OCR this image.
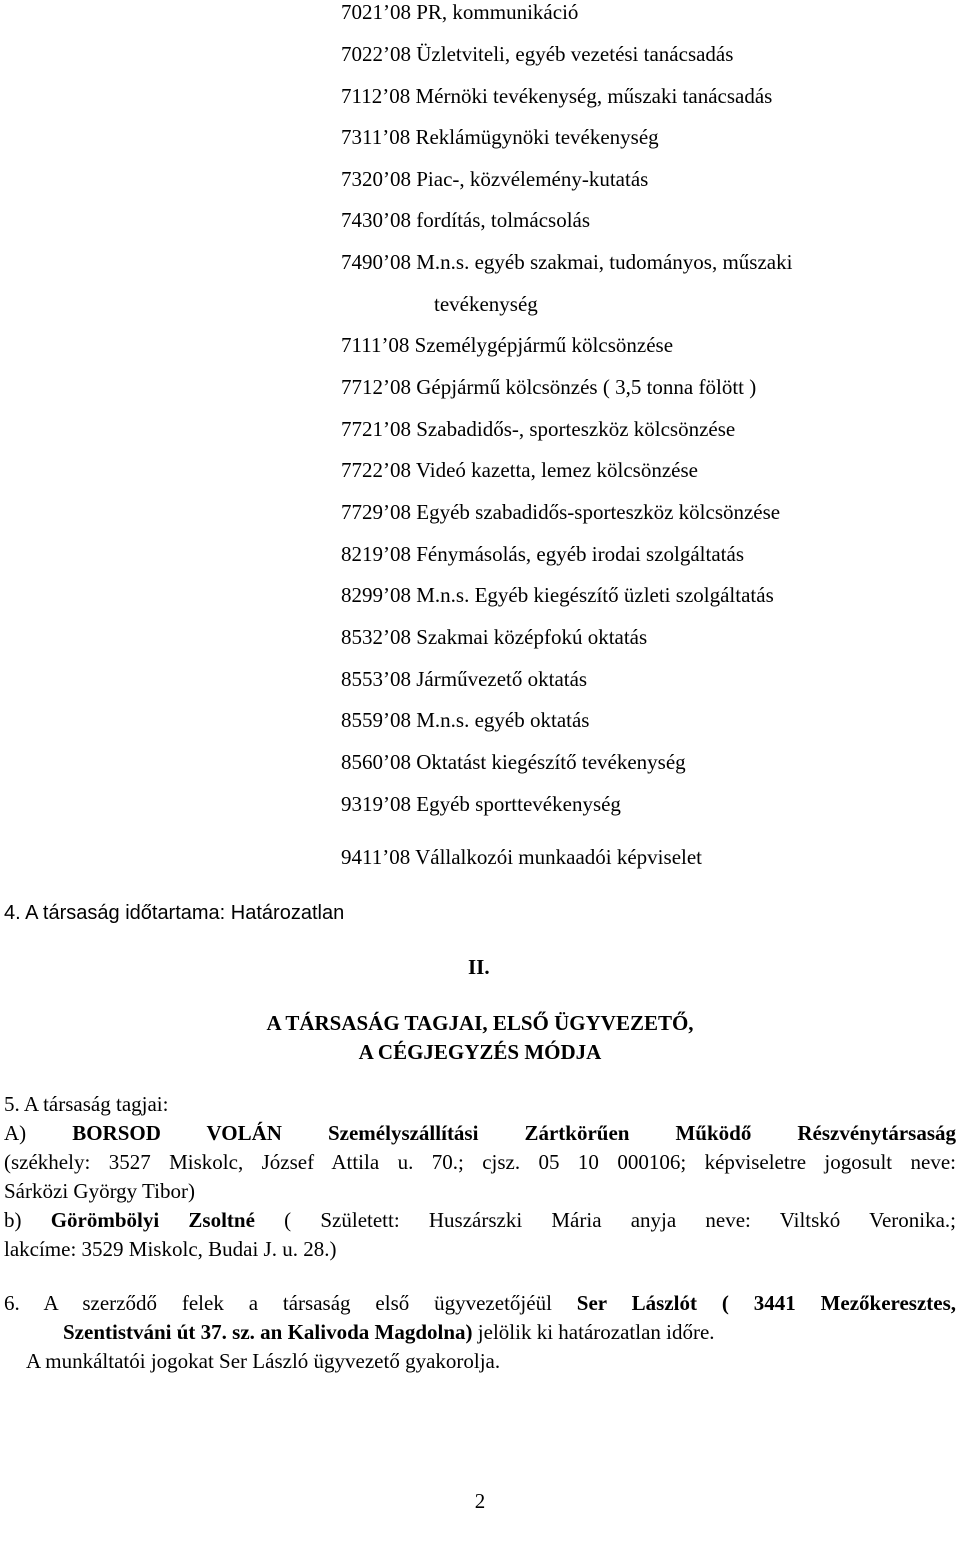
7021’08 PR, kommunikáció
7022’08 Üzletviteli, egyéb vezetési tanácsadás
7112’08 Mérnöki tevékenység, műszaki tanácsadás
7311’08 Reklámügynöki tevékenység
7320’08 Piac-, közvélemény-kutatás
7430’08 fordítás, tolmácsolás
7490’08 M.n.s. egyéb szakmai, tudományos, műszaki
tevékenység
7111’08 Személygépjármű kölcsönzése
7712’08 Gépjármű kölcsönzés ( 3,5 tonna fölött )
7721’08 Szabadidős-, sporteszköz kölcsönzése
7722’08 Videó kazetta, lemez kölcsönzése
7729’08 Egyéb szabadidős-sporteszköz kölcsönzése
8219’08 Fénymásolás, egyéb irodai szolgáltatás
8299’08 M.n.s. Egyéb kiegészítő üzleti szolgáltatás
8532’08 Szakmai középfokú oktatás
8553’08 Járművezető oktatás
8559’08 M.n.s. egyéb oktatás
8560’08 Oktatást kiegészítő tevékenység
9319’08 Egyéb sporttevékenység
9411’08 Vállalkozói munkaadói képviselet
4. A társaság időtartama: Határozatlan
II.
A TÁRSASÁG TAGJAI, ELSŐ ÜGYVEZETŐ,
A CÉGJEGYZÉS MÓDJA
5. A társaság tagjai:
A) BORSOD VOLÁN Személyszállítási Zártkörűen Működő Részvénytársaság
(székhely: 3527 Miskolc, József Attila u. 70.; cjsz. 05 10 000106; képviseletre jogosult neve:
Sárközi György Tibor)
b) Görömbölyi Zsoltné ( Született: Huszárszki Mária anyja neve: Viltskó Veronika.;
lakcíme: 3529 Miskolc, Budai J. u. 28.)
6. A szerződő felek a társaság első ügyvezetőjéül Ser Lászlót ( 3441 Mezőkeresztes,
Szentistváni út 37. sz. an Kalivoda Magdolna) jelölik ki határozatlan időre.
A munkáltatói jogokat Ser László ügyvezető gyakorolja.
2
